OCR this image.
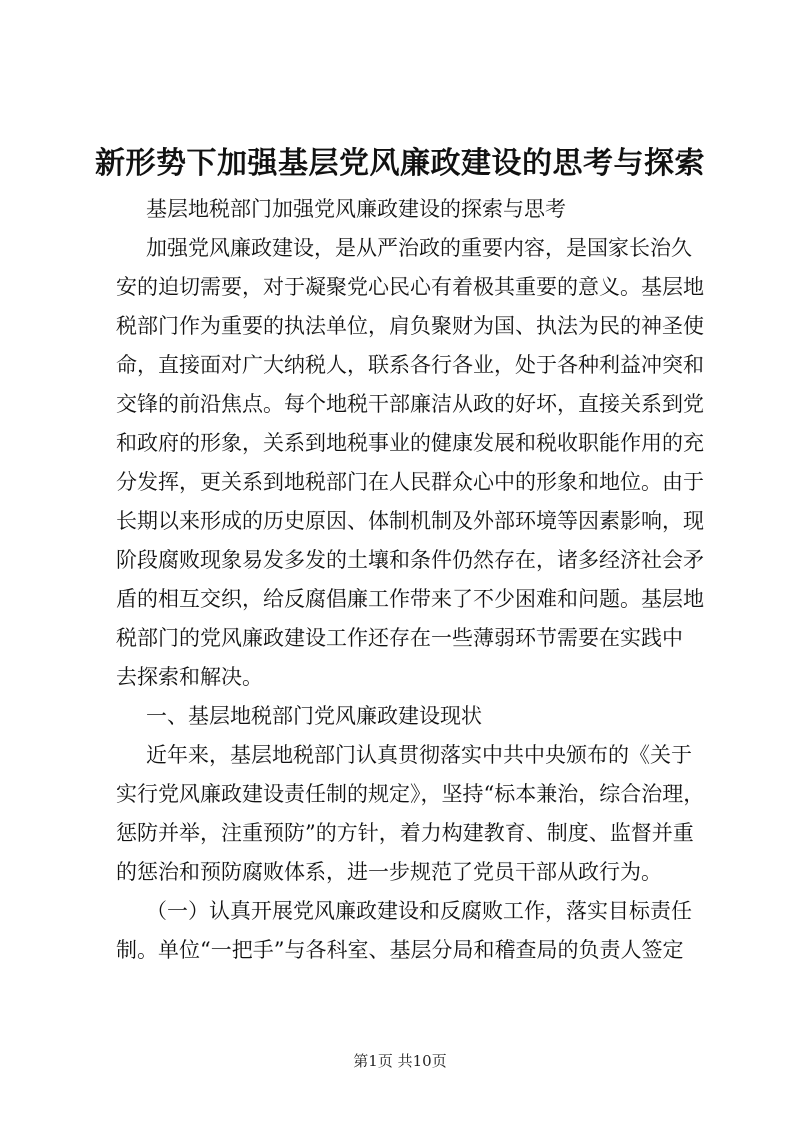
新形势下加强基层党风廉政建设的思考与探索
基层地税部门加强党风廉政建设的探索与思考
加强党风廉政建设，是从严治政的重要内容，是国家长治久
安的迫切需要，对于凝聚党心民心有着极其重要的意义。基层地
税部门作为重要的执法单位，肩负聚财为国、执法为民的神圣使
命，直接面对广大纳税人，联系各行各业，处于各种利益冲突和
交锋的前沿焦点。每个地税干部廉洁从政的好坏，直接关系到党
和政府的形象，关系到地税事业的健康发展和税收职能作用的充
分发挥，更关系到地税部门在人民群众心中的形象和地位。由于
长期以来形成的历史原因、体制机制及外部环境等因素影响，现
阶段腐败现象易发多发的土壤和条件仍然存在，诸多经济社会矛
盾的相互交织，给反腐倡廉工作带来了不少困难和问题。基层地
税部门的党风廉政建设工作还存在一些薄弱环节需要在实践中
去探索和解决。
一、基层地税部门党风廉政建设现状
近年来，基层地税部门认真贯彻落实中共中央颁布的《关于
实行党风廉政建设责任制的规定》，坚持“标本兼治，综合治理，
惩防并举，注重预防”的方针，着力构建教育、制度、监督并重
的惩治和预防腐败体系，进一步规范了党员干部从政行为。
（一）认真开展党风廉政建设和反腐败工作，落实目标责任
制。单位“一把手”与各科室、基层分局和稽查局的负责人签定
第1页 共10页
